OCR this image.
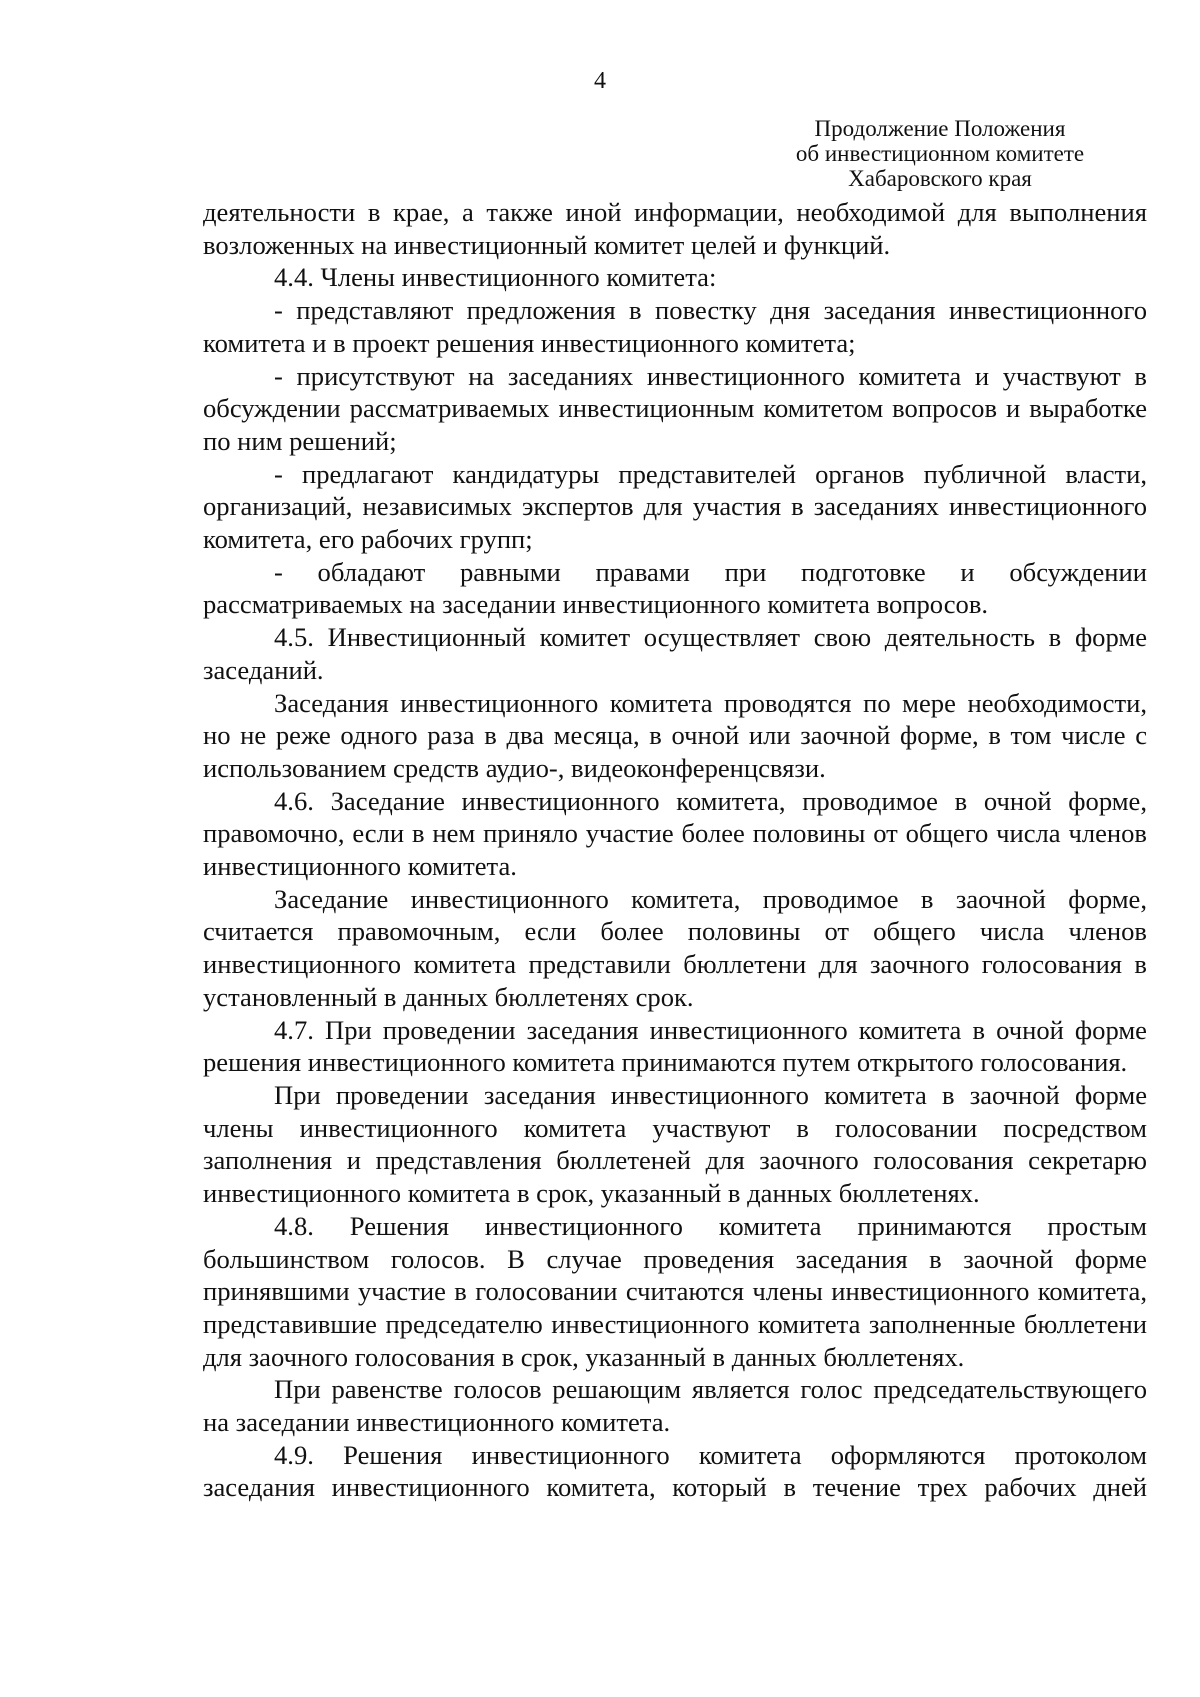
4
Продолжение Положения
об инвестиционном комитете
Хабаровского края

деятельности в крае, а также иной информации, необходимой для выполнения возложенных на инвестиционный комитет целей и функций.

4.4. Члены инвестиционного комитета:

- представляют предложения в повестку дня заседания инвестиционного комитета и в проект решения инвестиционного комитета;

- присутствуют на заседаниях инвестиционного комитета и участвуют в обсуждении рассматриваемых инвестиционным комитетом вопросов и выработке по ним решений;

- предлагают кандидатуры представителей органов публичной власти, организаций, независимых экспертов для участия в заседаниях инвестиционного комитета, его рабочих групп;

- обладают равными правами при подготовке и обсуждении рассматриваемых на заседании инвестиционного комитета вопросов.

4.5. Инвестиционный комитет осуществляет свою деятельность в форме заседаний.

Заседания инвестиционного комитета проводятся по мере необходимости, но не реже одного раза в два месяца, в очной или заочной форме, в том числе с использованием средств аудио-, видеоконференцсвязи.

4.6. Заседание инвестиционного комитета, проводимое в очной форме, правомочно, если в нем приняло участие более половины от общего числа членов инвестиционного комитета.

Заседание инвестиционного комитета, проводимое в заочной форме, считается правомочным, если более половины от общего числа членов инвестиционного комитета представили бюллетени для заочного голосования в установленный в данных бюллетенях срок.

4.7. При проведении заседания инвестиционного комитета в очной форме решения инвестиционного комитета принимаются путем открытого голосования.

При проведении заседания инвестиционного комитета в заочной форме члены инвестиционного комитета участвуют в голосовании посредством заполнения и представления бюллетеней для заочного голосования секретарю инвестиционного комитета в срок, указанный в данных бюллетенях.

4.8. Решения инвестиционного комитета принимаются простым большинством голосов. В случае проведения заседания в заочной форме принявшими участие в голосовании считаются члены инвестиционного комитета, представившие председателю инвестиционного комитета заполненные бюллетени для заочного голосования в срок, указанный в данных бюллетенях.

При равенстве голосов решающим является голос председательствующего на заседании инвестиционного комитета.

4.9. Решения инвестиционного комитета оформляются протоколом заседания инвестиционного комитета, который в течение трех рабочих дней
